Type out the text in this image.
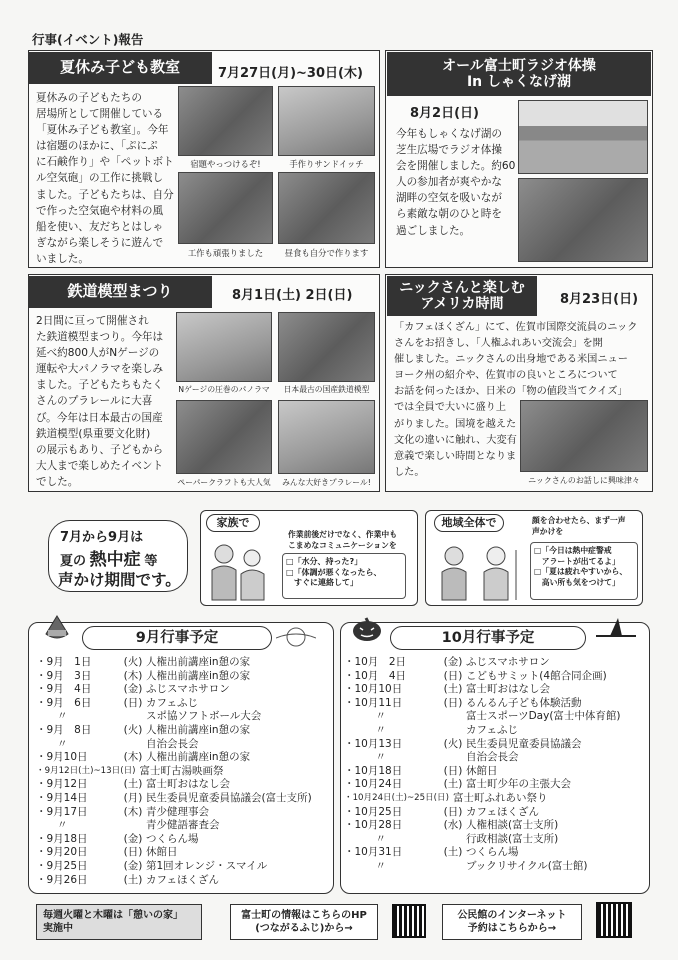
行事(イベント)報告
夏休み子ども教室	7月27日(月)~30日(木)
夏休みの子どもたちの
居場所として開催している
「夏休み子ども教室」。今年
は宿題のほかに、「ぷにぷ
に石鹸作り」や「ペットボト
ル空気砲」の工作に挑戦し
ました。子どもたちは、自分
で作った空気砲や材料の風
船を使い、友だちとはしゃ
ぎながら楽しそうに遊んで
いました。
宿題やっつけるぞ!	手作りサンドイッチ
工作も頑張りました	昼食も自分で作ります
オール富士町ラジオ体操
In しゃくなげ湖
8月2日(日)
今年もしゃくなげ湖の
芝生広場でラジオ体操
会を開催しました。約60
人の参加者が爽やかな
湖畔の空気を吸いなが
ら素敵な朝のひと時を
過ごしました。
鉄道模型まつり	8月1日(土) 2日(日)
2日間に亘って開催され
た鉄道模型まつり。今年は
延べ約800人がNゲージの
運転や大パノラマを楽しみ
ました。子どもたちもたく
さんのプラレールに大喜
び。今年は日本最古の国産
鉄道模型(県重要文化財)
の展示もあり、子どもから
大人まで楽しめたイベント
でした。
Nゲージの圧巻のパノラマ	日本最古の国産鉄道模型
ペーパークラフトも大人気	みんな大好きプラレール!
ニックさんと楽しむ
アメリカ時間	8月23日(日)
「カフェほくざん」にて、佐賀市国際交流員のニック
さんをお招きし、「人権ふれあい交流会」を開
催しました。ニックさんの出身地である米国ニュー
ヨーク州の紹介や、佐賀市の良いところについて
お話を伺ったほか、日米の「物の値段当てクイズ」
では全員で大いに盛り上
がりました。国境を越えた
文化の違いに触れ、大変有
意義で楽しい時間となりま
した。
ニックさんのお話しに興味津々
7月から9月は
夏の 熱中症 等
声かけ期間です。
家族で
作業前後だけでなく、作業中も
こまめなコミュニケーションを
□「水分、持った?」
□「体調が悪くなったら、
　すぐに連絡して」
地域全体で	顔を合わせたら、まず一声
声かけを
□「今日は熱中症警戒
　アラートが出てるよ」
□「夏は疲れやすいから、
　高い所も気をつけて」
9月行事予定
・9月　1日	(火) 人権出前講座in憩の家
・9月　3日	(木) 人権出前講座in憩の家
・9月　4日	(金) ふじスマホサロン
・9月　6日	(日) カフェふじ
　　〃	スポ協ソフトボール大会
・9月　8日	(火) 人権出前講座in憩の家
　　〃	自治会長会
・9月10日	(木) 人権出前講座in憩の家
・9月12日(土)~13日(日) 富士町古湯映画祭
・9月12日	(土) 富士町おはなし会
・9月14日	(月) 民生委員児童委員協議会(富士支所)
・9月17日	(木) 青少健理事会
　　〃	青少健語審査会
・9月18日	(金) つくらん場
・9月20日	(日) 休館日
・9月25日	(金) 第1回オレンジ・スマイル
・9月26日	(土) カフェほくざん
10月行事予定
・10月　2日	(金) ふじスマホサロン
・10月　4日	(日) こどもサミット(4館合同企画)
・10月10日	(土) 富士町おはなし会
・10月11日	(日) るんるん子ども体験活動
　　　〃	富士スポーツDay(富士中体育館)
　　　〃	カフェふじ
・10月13日	(火) 民生委員児童委員協議会
　　　〃	自治会長会
・10月18日	(日) 休館日
・10月24日	(土) 富士町少年の主張大会
・10月24日(土)~25日(日) 富士町ふれあい祭り
・10月25日	(日) カフェほくざん
・10月28日	(水) 人権相談(富士支所)
　　　〃	行政相談(富士支所)
・10月31日	(土) つくらん場
　　　〃	ブックリサイクル(富士館)
毎週火曜と木曜は「憩いの家」
実施中
富士町の情報はこちらのHP
(つながるふじ)から→
公民館のインターネット
予約はこちらから→
